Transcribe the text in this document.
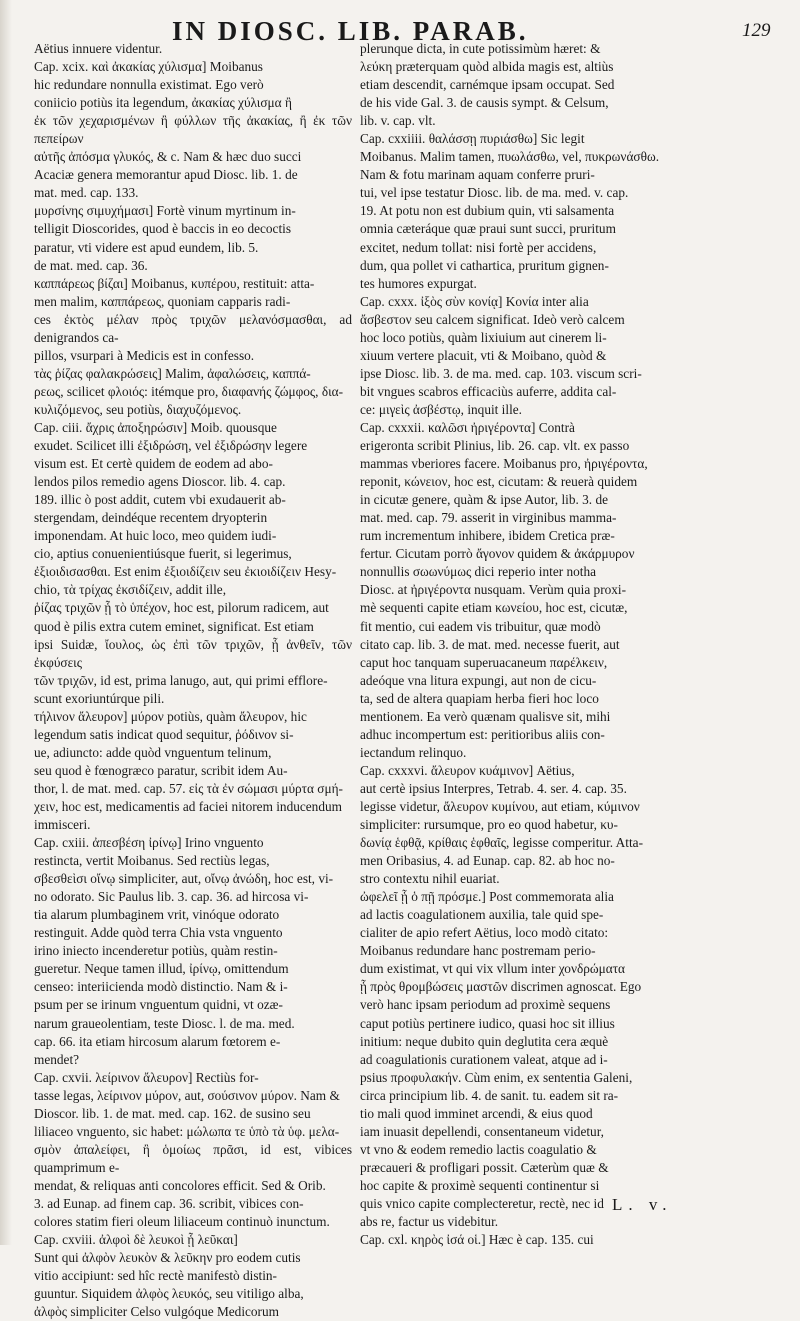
IN DIOSC. LIB. PARAB.	129

Aëtius innuere videntur.

Cap. xcix. καὶ ἀκακίας χύλισμα] Moibanus

hic redundare nonnulla existimat. Ego verò

coniicio potiùs ita legendum, ἀκακίας χύλισμα ἢ

ἐκ τῶν χεχαρισμένων ἢ φύλλων τῆς ἀκακίας, ἢ ἐκ τῶν πεπείρων

αὐτῆς ἀπόσμα γλυκός, & c. Nam & hæc duo succi

Acaciæ genera memorantur apud Diosc. lib. 1. de

mat. med. cap. 133.

μυρσίνης σιμυχήμασι] Fortè vinum myrtinum in-

telligit Dioscorides, quod è baccis in eo decoctis

paratur, vti videre est apud eundem, lib. 5.

de mat. med. cap. 36.

καππάρεως βίζαι] Moibanus, κυπέρου, restituit: atta-

men malim, καππάρεως, quoniam capparis radi-

ces ἐκτὸς μέλαν πρὸς τριχῶν μελανόσμασθαι, ad denigrandos ca-

pillos, vsurpari à Medicis est in confesso.

τὰς ῥίζας φαλακρώσεις] Malim, ἀφαλώσεις, καππά-

ρεως, scilicet φλοιός: itémque pro, διαφανής ζώμφος, δια-

κυλιζόμενος, seu potiùs, διαχυζόμενος.

Cap. ciii. ἄχρις ἀποξηρώσιν] Moib. quousque

exudet. Scilicet illi ἐξιδρώση, vel ἐξιδρώσην legere

visum est. Et certè quidem de eodem ad abo-

lendos pilos remedio agens Dioscor. lib. 4. cap.

189. illic ò post addit, cutem vbi exudauerit ab-

stergendam, deindéque recentem dryopterin

imponendam. At huic loco, meo quidem iudi-

cio, aptius conuenientiúsque fuerit, si legerimus,

ἐξιοιδισασθαι. Est enim ἐξιοιδίζειν seu ἐκιοιδίζειν Hesy-

chio, τὰ τρίχας ἐκσιδίζειν, addit ille,

ῥίζας τριχῶν ᾗ τὸ ὑπέχον, hoc est, pilorum radicem, aut

quod è pilis extra cutem eminet, significat. Est etiam

ipsi Suidæ, ἴουλος, ὡς ἐπὶ τῶν τριχῶν, ᾗ ἀνθεῖν, τῶν ἐκφύσεις

τῶν τριχῶν, id est, prima lanugo, aut, qui primi efflore-

scunt exoriuntúrque pili.

τήλινον ἄλευρον] μύρον potiùs, quàm ἄλευρον, hic

legendum satis indicat quod sequitur, ῥόδινον si-

ue, adiuncto: adde quòd vnguentum telinum,

seu quod è fœnogræco paratur, scribit idem Au-

thor, l. de mat. med. cap. 57. εἰς τὰ ἐν σώμασι μύρτα σμή-

χειν, hoc est, medicamentis ad faciei nitorem inducendum

immisceri.

Cap. cxiii. ἀπεσβέση ἰρίνῳ] Irino vnguento

restincta, vertit Moibanus. Sed rectiùs legas,

σβεσθεὶσι οἴνῳ simpliciter, aut, οἴνῳ ἀνώδη, hoc est, vi-

no odorato. Sic Paulus lib. 3. cap. 36. ad hircosa vi-

tia alarum plumbaginem vrit, vinóque odorato

restinguit. Adde quòd terra Chia vsta vnguento

irino iniecto incenderetur potiùs, quàm restin-

gueretur. Neque tamen illud, ἰρίνῳ, omittendum

censeo: interiicienda modò distinctio. Nam & i-

psum per se irinum vnguentum quidni, vt ozæ-

narum graueolentiam, teste Diosc. l. de ma. med.

cap. 66. ita etiam hircosum alarum fœtorem e-

mendet?

Cap. cxvii. λείρινον ἄλευρον] Rectiùs for-

tasse legas, λείρινον μύρον, aut, σούσινον μύρον. Nam &

Dioscor. lib. 1. de mat. med. cap. 162. de susino seu

liliaceo vnguento, sic habet: μώλωπα τε ὑπὸ τὰ ὑφ. μελα-

σμὸν ἀπαλείφει, ἢ ὁμοίως πρᾶσι, id est, vibices quamprimum e-

mendat, & reliquas anti concolores efficit. Sed & Orib.

3. ad Eunap. ad finem cap. 36. scribit, vibices con-

colores statim fieri oleum liliaceum continuò inunctum.

Cap. cxviii. ἀλφοὶ δὲ λευκοὶ ᾗ λεῦκαι]

Sunt qui ἀλφὸν λευκὸν & λεῦκην pro eodem cutis

vitio accipiunt: sed hîc rectè manifestò distin-

guuntur. Siquidem ἀλφὸς λευκός, seu vitiligo alba,

ἀλφὸς simpliciter Celso vulgóque Medicorum

plerunque dicta, in cute potissimùm hæret: &

λεύκη præterquam quòd albida magis est, altiùs

etiam descendit, carnémque ipsam occupat. Sed

de his vide Gal. 3. de causis sympt. & Celsum,

lib. v. cap. vlt.

Cap. cxxiiii. θαλάσσῃ πυριάσθω] Sic legit

Moibanus. Malim tamen, πυωλάσθω, vel, πυκρωνάσθω.

Nam & fotu marinam aquam conferre pruri-

tui, vel ipse testatur Diosc. lib. de ma. med. v. cap.

19. At potu non est dubium quin, vti salsamenta

omnia cæteráque quæ praui sunt succi, pruritum

excitet, nedum tollat: nisi fortè per accidens,

dum, qua pollet vi cathartica, pruritum gignen-

tes humores expurgat.

Cap. cxxx. ἰξὸς σὺν κονίᾳ] Κονία inter alia

ἄσβεστον seu calcem significat. Ideò verò calcem

hoc loco potiùs, quàm lixiuium aut cinerem li-

xiuum vertere placuit, vti & Moibano, quòd &

ipse Diosc. lib. 3. de ma. med. cap. 103. viscum scri-

bit vngues scabros efficaciùs auferre, addita cal-

ce: μιγεὶς ἀσβέστῳ, inquit ille.

Cap. cxxxii. καλῶσι ἠριγέροντα] Contrà

erigeronta scribit Plinius, lib. 26. cap. vlt. ex passo

mammas vberiores facere. Moibanus pro, ἠριγέροντα,

reponit, κώνειον, hoc est, cicutam: & reuerà quidem

in cicutæ genere, quàm & ipse Autor, lib. 3. de

mat. med. cap. 79. asserit in virginibus mamma-

rum incrementum inhibere, ibidem Cretica præ-

fertur. Cicutam porrò ἄγονον quidem & ἀκάρμυρον

nonnullis σωωνύμως dici reperio inter notha

Diosc. at ἠριγέροντα nusquam. Verùm quia proxi-

mè sequenti capite etiam κωνείου, hoc est, cicutæ,

fit mentio, cui eadem vis tribuitur, quæ modò

citato cap. lib. 3. de mat. med. necesse fuerit, aut

caput hoc tanquam superuacaneum παρέλκειν,

adeóque vna litura expungi, aut non de cicu-

ta, sed de altera quapiam herba fieri hoc loco

mentionem. Ea verò quænam qualisve sit, mihi

adhuc incompertum est: peritioribus aliis con-

iectandum relinquo.

Cap. cxxxvi. ἄλευρον κυάμινον] Aëtius,

aut certè ipsius Interpres, Tetrab. 4. ser. 4. cap. 35.

legisse videtur, ἄλευρον κυμίνου, aut etiam, κύμινον

simpliciter: rursumque, pro eo quod habetur, κυ-

δωνίᾳ ἑφθᾷ, κρίθαις ἑφθαῖς, legisse comperitur. Atta-

men Oribasius, 4. ad Eunap. cap. 82. ab hoc no-

stro contextu nihil euariat.

ὠφελεῖ ᾗ ὁ πῇ πρόσμε.] Post commemorata alia

ad lactis coagulationem auxilia, tale quid spe-

cialiter de apio refert Aëtius, loco modò citato:

Moibanus redundare hanc postremam perio-

dum existimat, vt qui vix vllum inter χονδρώματα

ᾗ πρὸς θρομβώσεις μαστῶν discrimen agnoscat. Ego

verò hanc ipsam periodum ad proximè sequens

caput potiùs pertinere iudico, quasi hoc sit illius

initium: neque dubito quin deglutita cera æquè

ad coagulationis curationem valeat, atque ad i-

psius προφυλακήν. Cùm enim, ex sententia Galeni,

circa principium lib. 4. de sanit. tu. eadem sit ra-

tio mali quod imminet arcendi, & eius quod

iam inuasit depellendi, consentaneum videtur,

vt vno & eodem remedio lactis coagulatio &

præcaueri & profligari possit. Cæterùm quæ &

hoc capite & proximè sequenti continentur si

quis vnico capite complecteretur, rectè, nec id

abs re, factur us videbitur.

Cap. cxl. κηρὸς ἰσά οἱ.] Hæc è cap. 135. cui

L. v.
